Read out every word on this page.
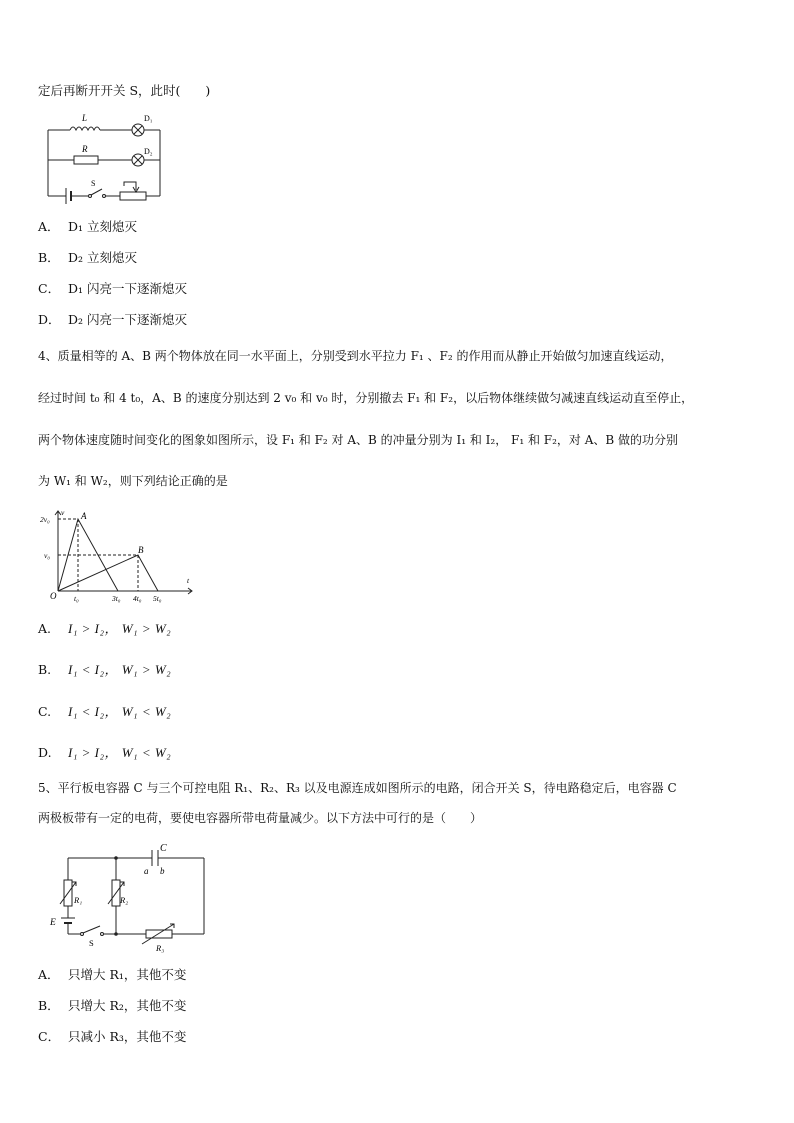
定后再断开开关 S，此时(　　)
L	D₁
R	D₂
S
A． D₁ 立刻熄灭
B． D₂ 立刻熄灭
C． D₁ 闪亮一下逐渐熄灭
D． D₂ 闪亮一下逐渐熄灭
4、质量相等的 A、B 两个物体放在同一水平面上，分别受到水平拉力 F₁ 、F₂ 的作用而从静止开始做匀加速直线运动，
经过时间 t₀ 和 4 t₀，A、B 的速度分别达到 2 v₀ 和 v₀ 时，分别撤去 F₁ 和 F₂，以后物体继续做匀减速直线运动直至停止，
两个物体速度随时间变化的图象如图所示，设 F₁ 和 F₂ 对 A、B 的冲量分别为 I₁ 和 I₂， F₁ 和 F₂，对 A、B 做的功分别
为 W₁ 和 W₂，则下列结论正确的是
v
t
O
2v₀
v₀
t₀	3t₀ 4t₀ 5t₀
A
B
A. I₁ > I₂， W₁ > W₂
B. I₁ < I₂， W₁ > W₂
C. I₁ < I₂， W₁ < W₂
D. I₁ > I₂， W₁ < W₂
5、平行板电容器 C 与三个可控电阻 R₁、R₂、R₃ 以及电源连成如图所示的电路，闭合开关 S，待电路稳定后，电容器 C
两极板带有一定的电荷，要使电容器所带电荷量减少。以下方法中可行的是（　　）
C
a b
R₁	R₂
E
R₃
S
A． 只增大 R₁，其他不变
B． 只增大 R₂，其他不变
C． 只减小 R₃，其他不变
